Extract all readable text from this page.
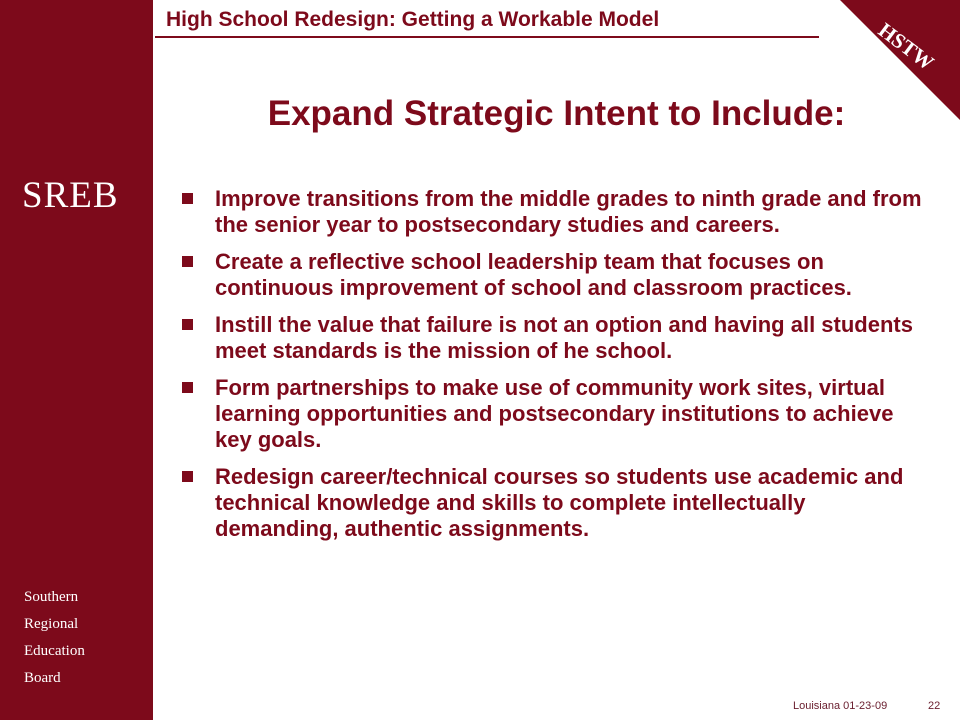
SREB
Southern
Regional
Education
Board
High School Redesign: Getting a Workable Model	HSTW
Expand Strategic Intent to Include:
Improve transitions from the middle grades to ninth grade and from the senior year to postsecondary studies and careers.
Create a reflective school leadership team that focuses on continuous improvement of school and classroom practices.
Instill the value that failure is not an option and having all students meet standards is the mission of he school.
Form partnerships to make use of community work sites, virtual learning opportunities and postsecondary institutions to achieve key goals.
Redesign career/technical courses so students use academic and technical knowledge and skills to complete intellectually demanding, authentic assignments.
Louisiana 01-23-09	22
